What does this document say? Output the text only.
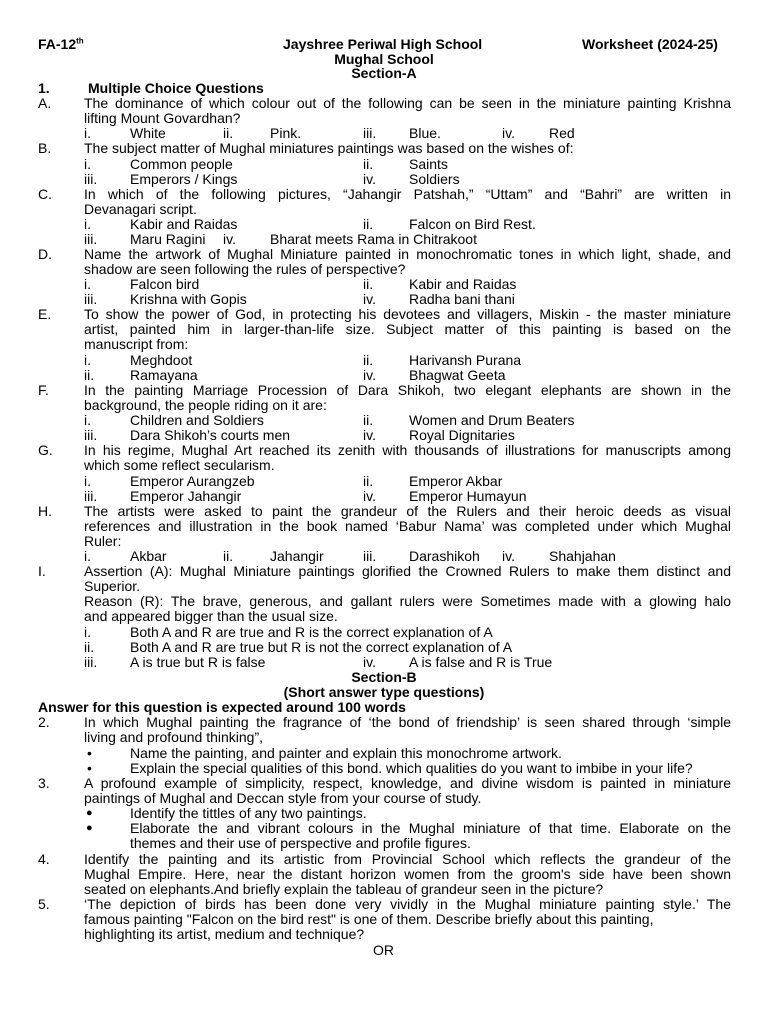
FA-12th	Jayshree Periwal High School	Worksheet (2024-25)
Mughal School
Section-A
1.	Multiple Choice Questions
A. The dominance of which colour out of the following can be seen in the miniature painting Krishna
lifting Mount Govardhan?
i.	White	ii.	Pink.	iii. Blue.	iv. Red
B. The subject matter of Mughal miniatures paintings was based on the wishes of:
i.	Common people	ii.	Saints
iii. Emperors / Kings	iv. Soldiers
C. In which of the following pictures, “Jahangir Patshah,” “Uttam” and “Bahri” are written in
Devanagari script.
i.	Kabir and Raidas	ii.	Falcon on Bird Rest.
iii. Maru Ragini iv. Bharat meets Rama in Chitrakoot
D. Name the artwork of Mughal Miniature painted in monochromatic tones in which light, shade, and
shadow are seen following the rules of perspective?
i.	Falcon bird	ii.	Kabir and Raidas
iii. Krishna with Gopis	iv. Radha bani thani
E. To show the power of God, in protecting his devotees and villagers, Miskin - the master miniature
artist, painted him in larger-than-life size. Subject matter of this painting is based on the
manuscript from:
i.	Meghdoot	ii.	Harivansh Purana
ii.	Ramayana	iv. Bhagwat Geeta
F.	In the painting Marriage Procession of Dara Shikoh, two elegant elephants are shown in the
background, the people riding on it are:
i.	Children and Soldiers	ii.	Women and Drum Beaters
iii. Dara Shikoh’s courts men	iv. Royal Dignitaries
G. In his regime, Mughal Art reached its zenith with thousands of illustrations for manuscripts among
which some reflect secularism.
i.	Emperor Aurangzeb	ii.	Emperor Akbar
iii. Emperor Jahangir	iv. Emperor Humayun
H. The artists were asked to paint the grandeur of the Rulers and their heroic deeds as visual
references and illustration in the book named ‘Babur Nama’ was completed under which Mughal
Ruler:
i.	Akbar	ii.	Jahangir	iii. Darashikoh iv. Shahjahan
I.	Assertion (A): Mughal Miniature paintings glorified the Crowned Rulers to make them distinct and
Superior.
Reason (R): The brave, generous, and gallant rulers were Sometimes made with a glowing halo
and appeared bigger than the usual size.
i.	Both A and R are true and R is the correct explanation of A
ii.	Both A and R are true but R is not the correct explanation of A
iii. A is true but R is false	iv. A is false and R is True
Section-B
(Short answer type questions)
Answer for this question is expected around 100 words
2. In which Mughal painting the fragrance of ‘the bond of friendship’ is seen shared through ‘simple
living and profound thinking”,
•	Name the painting, and painter and explain this monochrome artwork.
•	Explain the special qualities of this bond. which qualities do you want to imbibe in your life?
3. A profound example of simplicity, respect, knowledge, and divine wisdom is painted in miniature
paintings of Mughal and Deccan style from your course of study.
●	Identify the tittles of any two paintings.
●	Elaborate the and vibrant colours in the Mughal miniature of that time. Elaborate on the
themes and their use of perspective and profile figures.
4. Identify the painting and its artistic from Provincial School which reflects the grandeur of the
Mughal Empire. Here, near the distant horizon women from the groom's side have been shown
seated on elephants.And briefly explain the tableau of grandeur seen in the picture?
5. ‘The depiction of birds has been done very vividly in the Mughal miniature painting style.’ The
famous painting "Falcon on the bird rest" is one of them. Describe briefly about this painting,
highlighting its artist, medium and technique?
OR
